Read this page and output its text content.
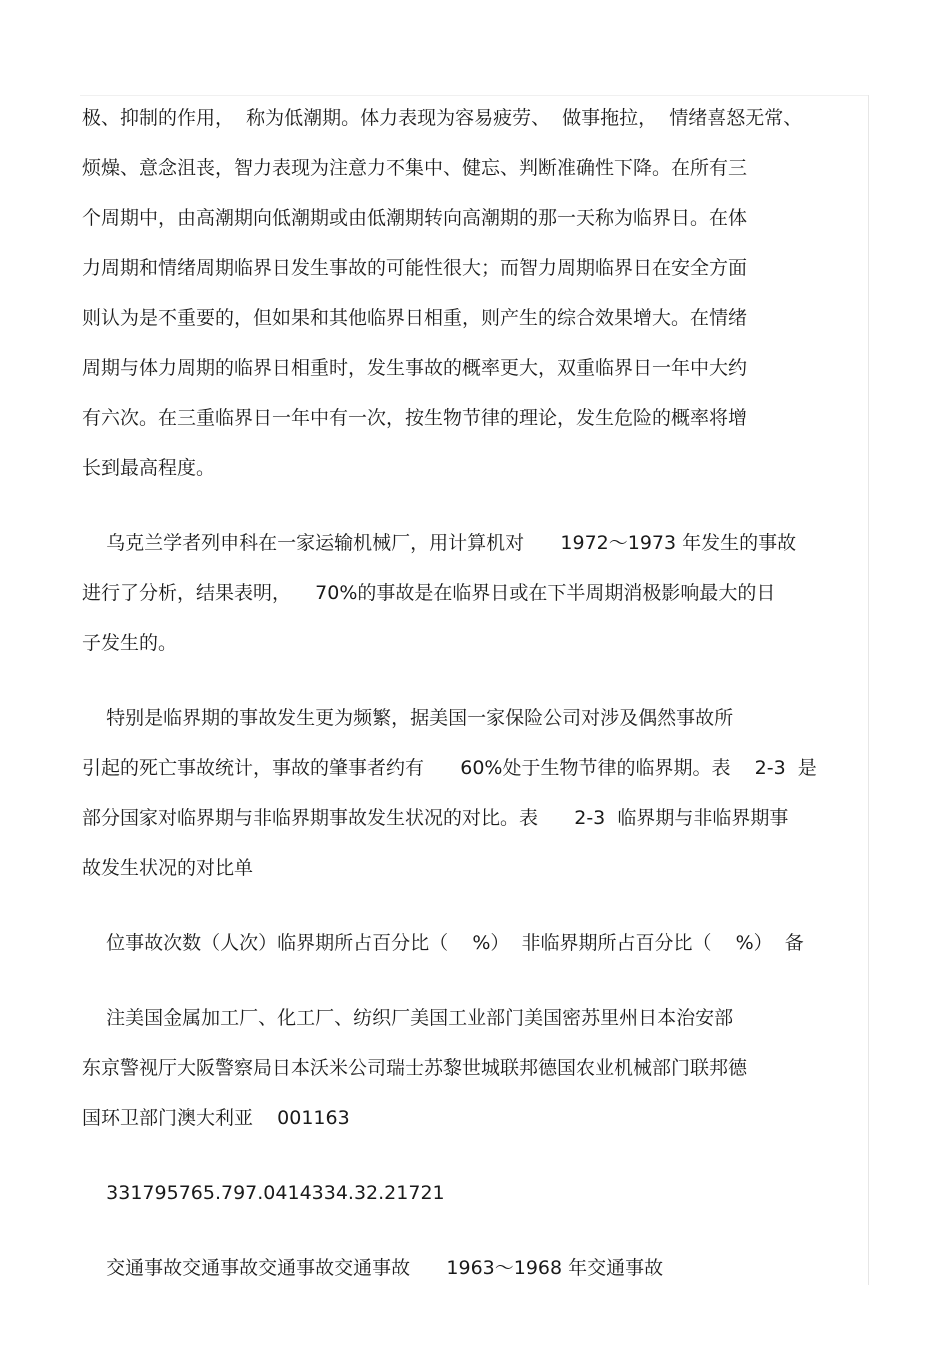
极、抑制的作用，  称为低潮期。体力表现为容易疲劳、  做事拖拉，  情绪喜怒无常、
烦燥、意念沮丧，智力表现为注意力不集中、健忘、判断准确性下降。在所有三
个周期中，由高潮期向低潮期或由低潮期转向高潮期的那一天称为临界日。在体
力周期和情绪周期临界日发生事故的可能性很大；而智力周期临界日在安全方面
则认为是不重要的，但如果和其他临界日相重，则产生的综合效果增大。在情绪
周期与体力周期的临界日相重时，发生事故的概率更大，双重临界日一年中大约
有六次。在三重临界日一年中有一次，按生物节律的理论，发生危险的概率将增
长到最高程度。
乌克兰学者列申科在一家运输机械厂，用计算机对      1972～1973 年发生的事故
进行了分析，结果表明，    70%的事故是在临界日或在下半周期消极影响最大的日
子发生的。
特别是临界期的事故发生更为频繁，据美国一家保险公司对涉及偶然事故所
引起的死亡事故统计，事故的肇事者约有      60%处于生物节律的临界期。表    2-3  是
部分国家对临界期与非临界期事故发生状况的对比。表      2-3  临界期与非临界期事
故发生状况的对比单
位事故次数（人次）临界期所占百分比（    %）  非临界期所占百分比（    %）  备
注美国金属加工厂、化工厂、纺织厂美国工业部门美国密苏里州日本治安部
东京警视厅大阪警察局日本沃米公司瑞士苏黎世城联邦德国农业机械部门联邦德
国环卫部门澳大利亚    001163
331795765.797.0414334.32.21721
交通事故交通事故交通事故交通事故      1963～1968 年交通事故
